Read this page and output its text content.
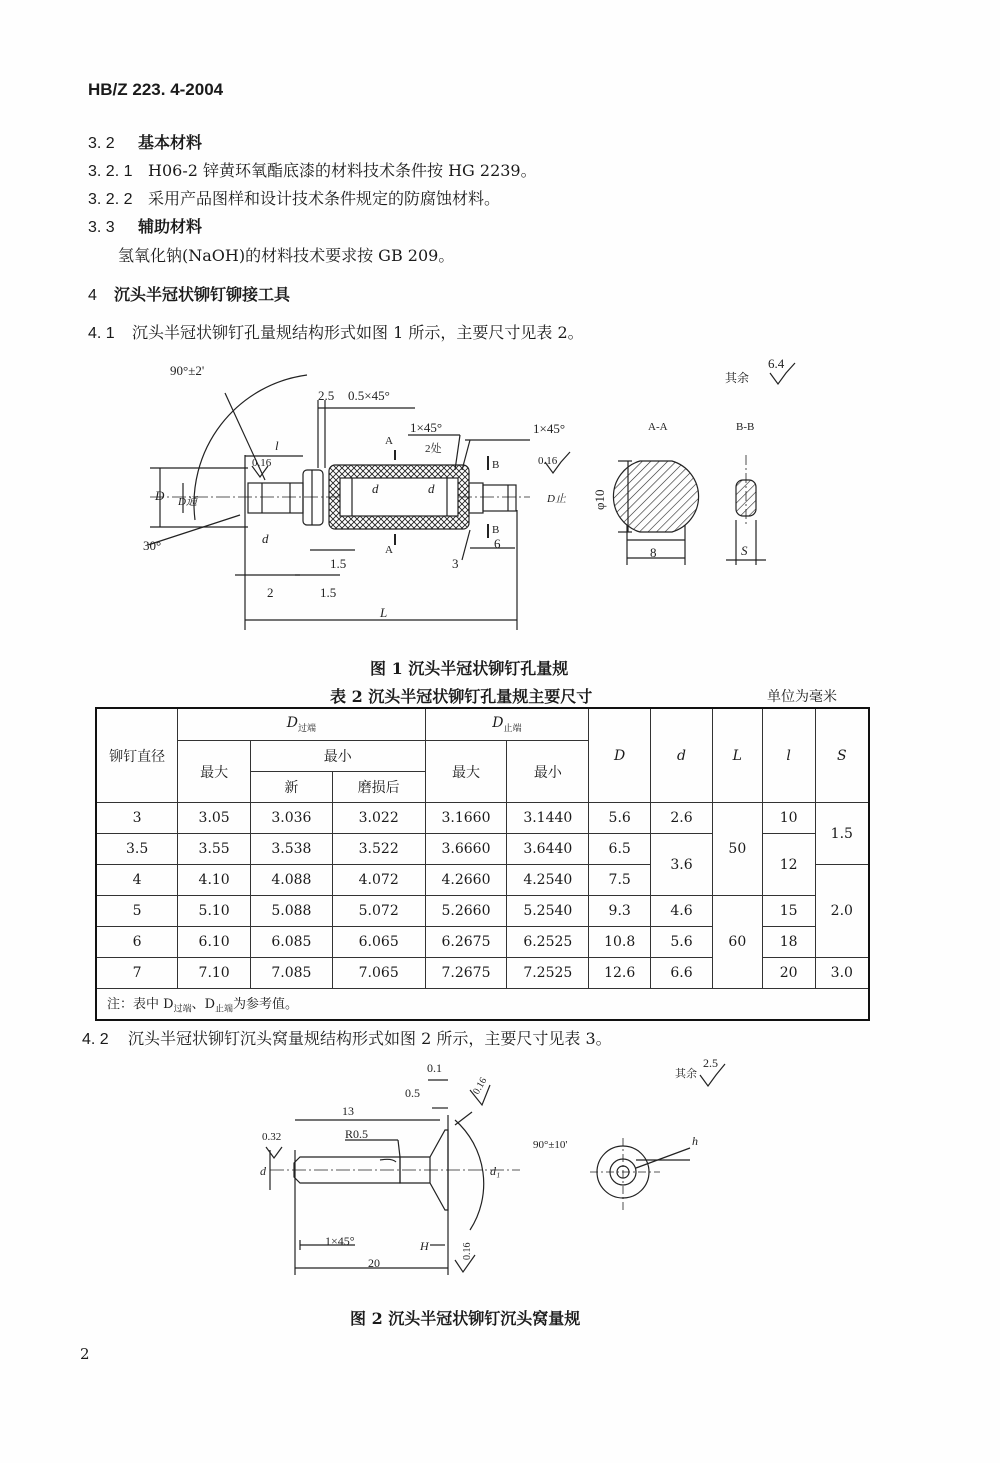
HB/Z 223. 4-2004
3. 2 基本材料
3. 2. 1 H06-2 锌黄环氧酯底漆的材料技术条件按 HG 2239。
3. 2. 2 采用产品图样和设计技术条件规定的防腐蚀材料。
3. 3 辅助材料
氢氧化钠(NaOH)的材料技术要求按 GB 209。
4 沉头半冠状铆钉铆接工具
4. 1 沉头半冠状铆钉孔量规结构形式如图 1 所示，主要尺寸见表 2。
其余
6.4
90°±2'
2.5 0.5×45°
1×45°
2处
1×45°
0.16	0.16
l
D D通
d
d	d
D止
30°
1.5
1.5
2
3
6
L
A-A	B-B
A
A
B
B
φ10
8	S
图 1 沉头半冠状铆钉孔量规
表 2 沉头半冠状铆钉孔量规主要尺寸	单位为毫米
铆钉直径	$D_{过端}$			$D_{止端}$		D	d	L	l	S
	最大	最小		最大	最小					
		新	磨损后							
3	3.05	3.036	3.022	3.1660	3.1440	5.6	2.6	50	10	1.5
3.5	3.55	3.538	3.522	3.6660	3.6440	6.5	3.6		12	
4	4.10	4.088	4.072	4.2660	4.2540	7.5				2.0
5	5.10	5.088	5.072	5.2660	5.2540	9.3	4.6	60	15	
6	6.10	6.085	6.065	6.2675	6.2525	10.8	5.6		18	
7	7.10	7.085	7.065	7.2675	7.2525	12.6	6.6		20	3.0
注：表中 $D_{过端}$、$D_{止端}$为参考值。										
4. 2 沉头半冠状铆钉沉头窝量规结构形式如图 2 所示，主要尺寸见表 3。
其余
2.5
0.1
0.5	0.16
13
0.32	R0.5
90°±10'
d	d₁
1×45°	H	0.16
20
h
图 2 沉头半冠状铆钉沉头窝量规
2
